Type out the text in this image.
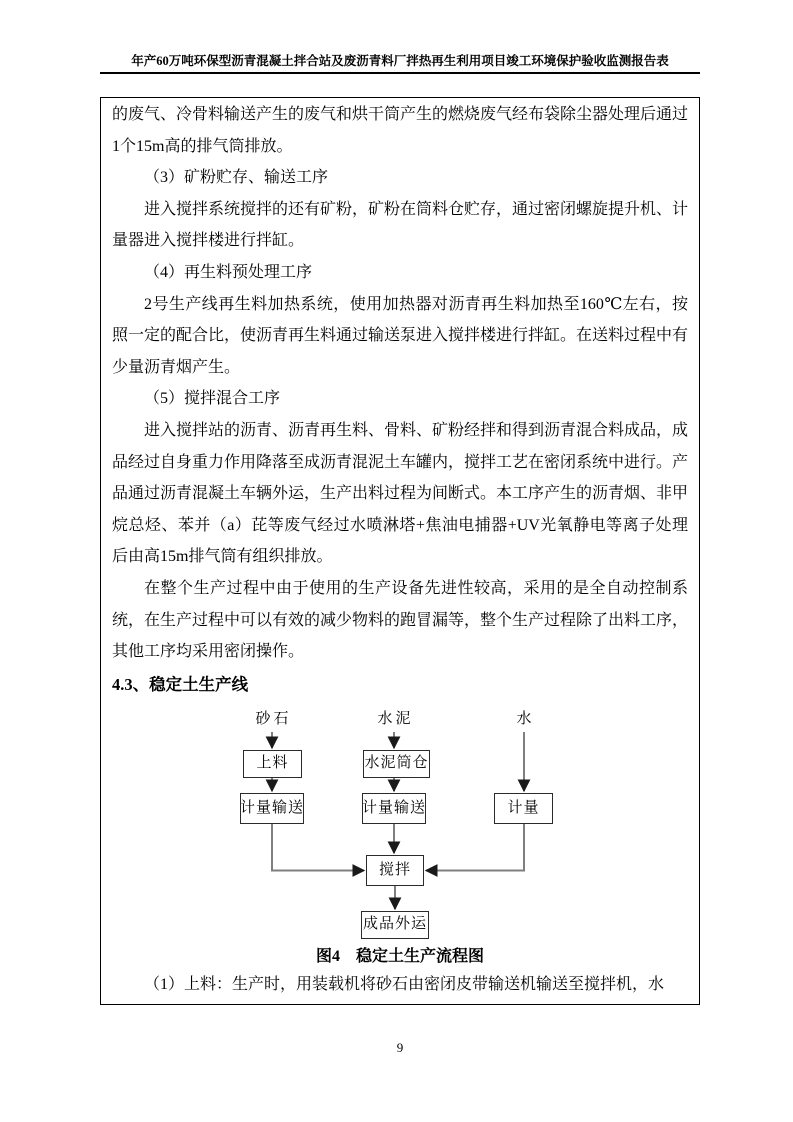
年产60万吨环保型沥青混凝土拌合站及废沥青料厂拌热再生利用项目竣工环境保护验收监测报告表

的废气、冷骨料输送产生的废气和烘干筒产生的燃烧废气经布袋除尘器处理后通过1个15m高的排气筒排放。

（3）矿粉贮存、输送工序

进入搅拌系统搅拌的还有矿粉，矿粉在筒料仓贮存，通过密闭螺旋提升机、计量器进入搅拌楼进行拌缸。

（4）再生料预处理工序

2号生产线再生料加热系统，使用加热器对沥青再生料加热至160℃左右，按照一定的配合比，使沥青再生料通过输送泵进入搅拌楼进行拌缸。在送料过程中有少量沥青烟产生。

（5）搅拌混合工序

进入搅拌站的沥青、沥青再生料、骨料、矿粉经拌和得到沥青混合料成品，成品经过自身重力作用降落至成沥青混泥土车罐内，搅拌工艺在密闭系统中进行。产品通过沥青混凝土车辆外运，生产出料过程为间断式。本工序产生的沥青烟、非甲烷总烃、苯并（a）芘等废气经过水喷淋塔+焦油电捕器+UV光氧静电等离子处理后由高15m排气筒有组织排放。

在整个生产过程中由于使用的生产设备先进性较高，采用的是全自动控制系统，在生产过程中可以有效的减少物料的跑冒漏等，整个生产过程除了出料工序，其他工序均采用密闭操作。

4.3、稳定土生产线
砂石	水泥	水
上料	水泥筒仓
计量输送	计量输送	计量
搅拌
成品外运

图4　稳定土生产流程图

（1）上料：生产时，用装载机将砂石由密闭皮带输送机输送至搅拌机，水

9
